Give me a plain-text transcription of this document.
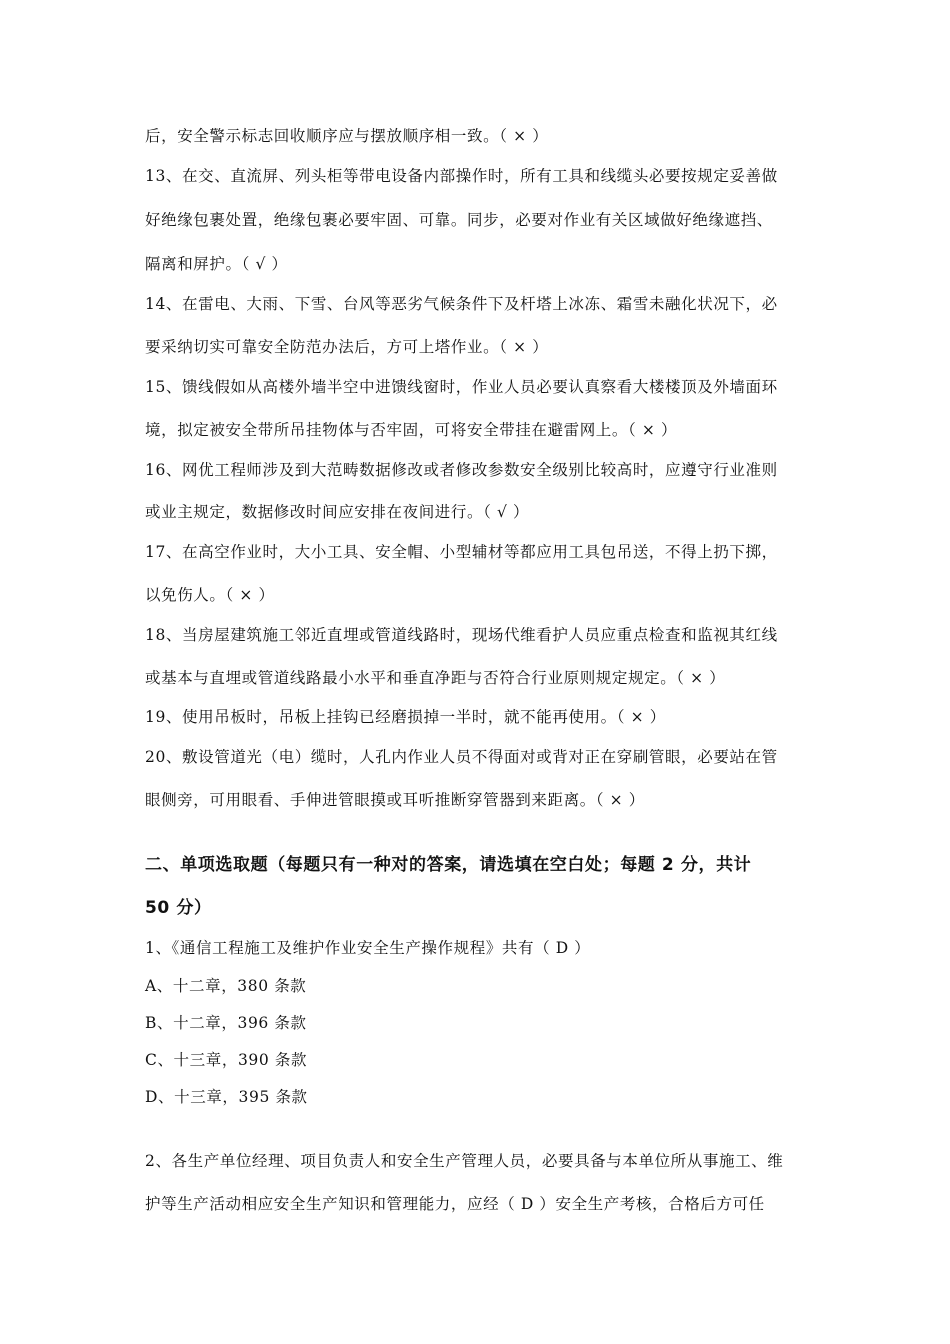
后，安全警示标志回收顺序应与摆放顺序相一致。（ × ）
13、在交、直流屏、列头柜等带电设备内部操作时，所有工具和线缆头必要按规定妥善做
好绝缘包裹处置，绝缘包裹必要牢固、可靠。同步，必要对作业有关区域做好绝缘遮挡、
隔离和屏护。（ √ ）
14、在雷电、大雨、下雪、台风等恶劣气候条件下及杆塔上冰冻、霜雪未融化状况下，必
要采纳切实可靠安全防范办法后，方可上塔作业。（ × ）
15、馈线假如从高楼外墙半空中进馈线窗时，作业人员必要认真察看大楼楼顶及外墙面环
境，拟定被安全带所吊挂物体与否牢固，可将安全带挂在避雷网上。（ × ）
16、网优工程师涉及到大范畴数据修改或者修改参数安全级别比较高时，应遵守行业准则
或业主规定，数据修改时间应安排在夜间进行。（ √ ）
17、在高空作业时，大小工具、安全帽、小型辅材等都应用工具包吊送，不得上扔下掷，
以免伤人。（ × ）
18、当房屋建筑施工邻近直埋或管道线路时，现场代维看护人员应重点检查和监视其红线
或基本与直埋或管道线路最小水平和垂直净距与否符合行业原则规定规定。（ × ）
19、使用吊板时，吊板上挂钩已经磨损掉一半时，就不能再使用。（ × ）
20、敷设管道光（电）缆时，人孔内作业人员不得面对或背对正在穿刷管眼，必要站在管
眼侧旁，可用眼看、手伸进管眼摸或耳听推断穿管器到来距离。（ × ）
二、单项选取题（每题只有一种对的答案，请选填在空白处；每题 2 分，共计
50 分）
1、《通信工程施工及维护作业安全生产操作规程》共有（ D ）
A、十二章，380 条款
B、十二章，396 条款
C、十三章，390 条款
D、十三章，395 条款
2、各生产单位经理、项目负责人和安全生产管理人员，必要具备与本单位所从事施工、维
护等生产活动相应安全生产知识和管理能力，应经（ D ）安全生产考核，合格后方可任
